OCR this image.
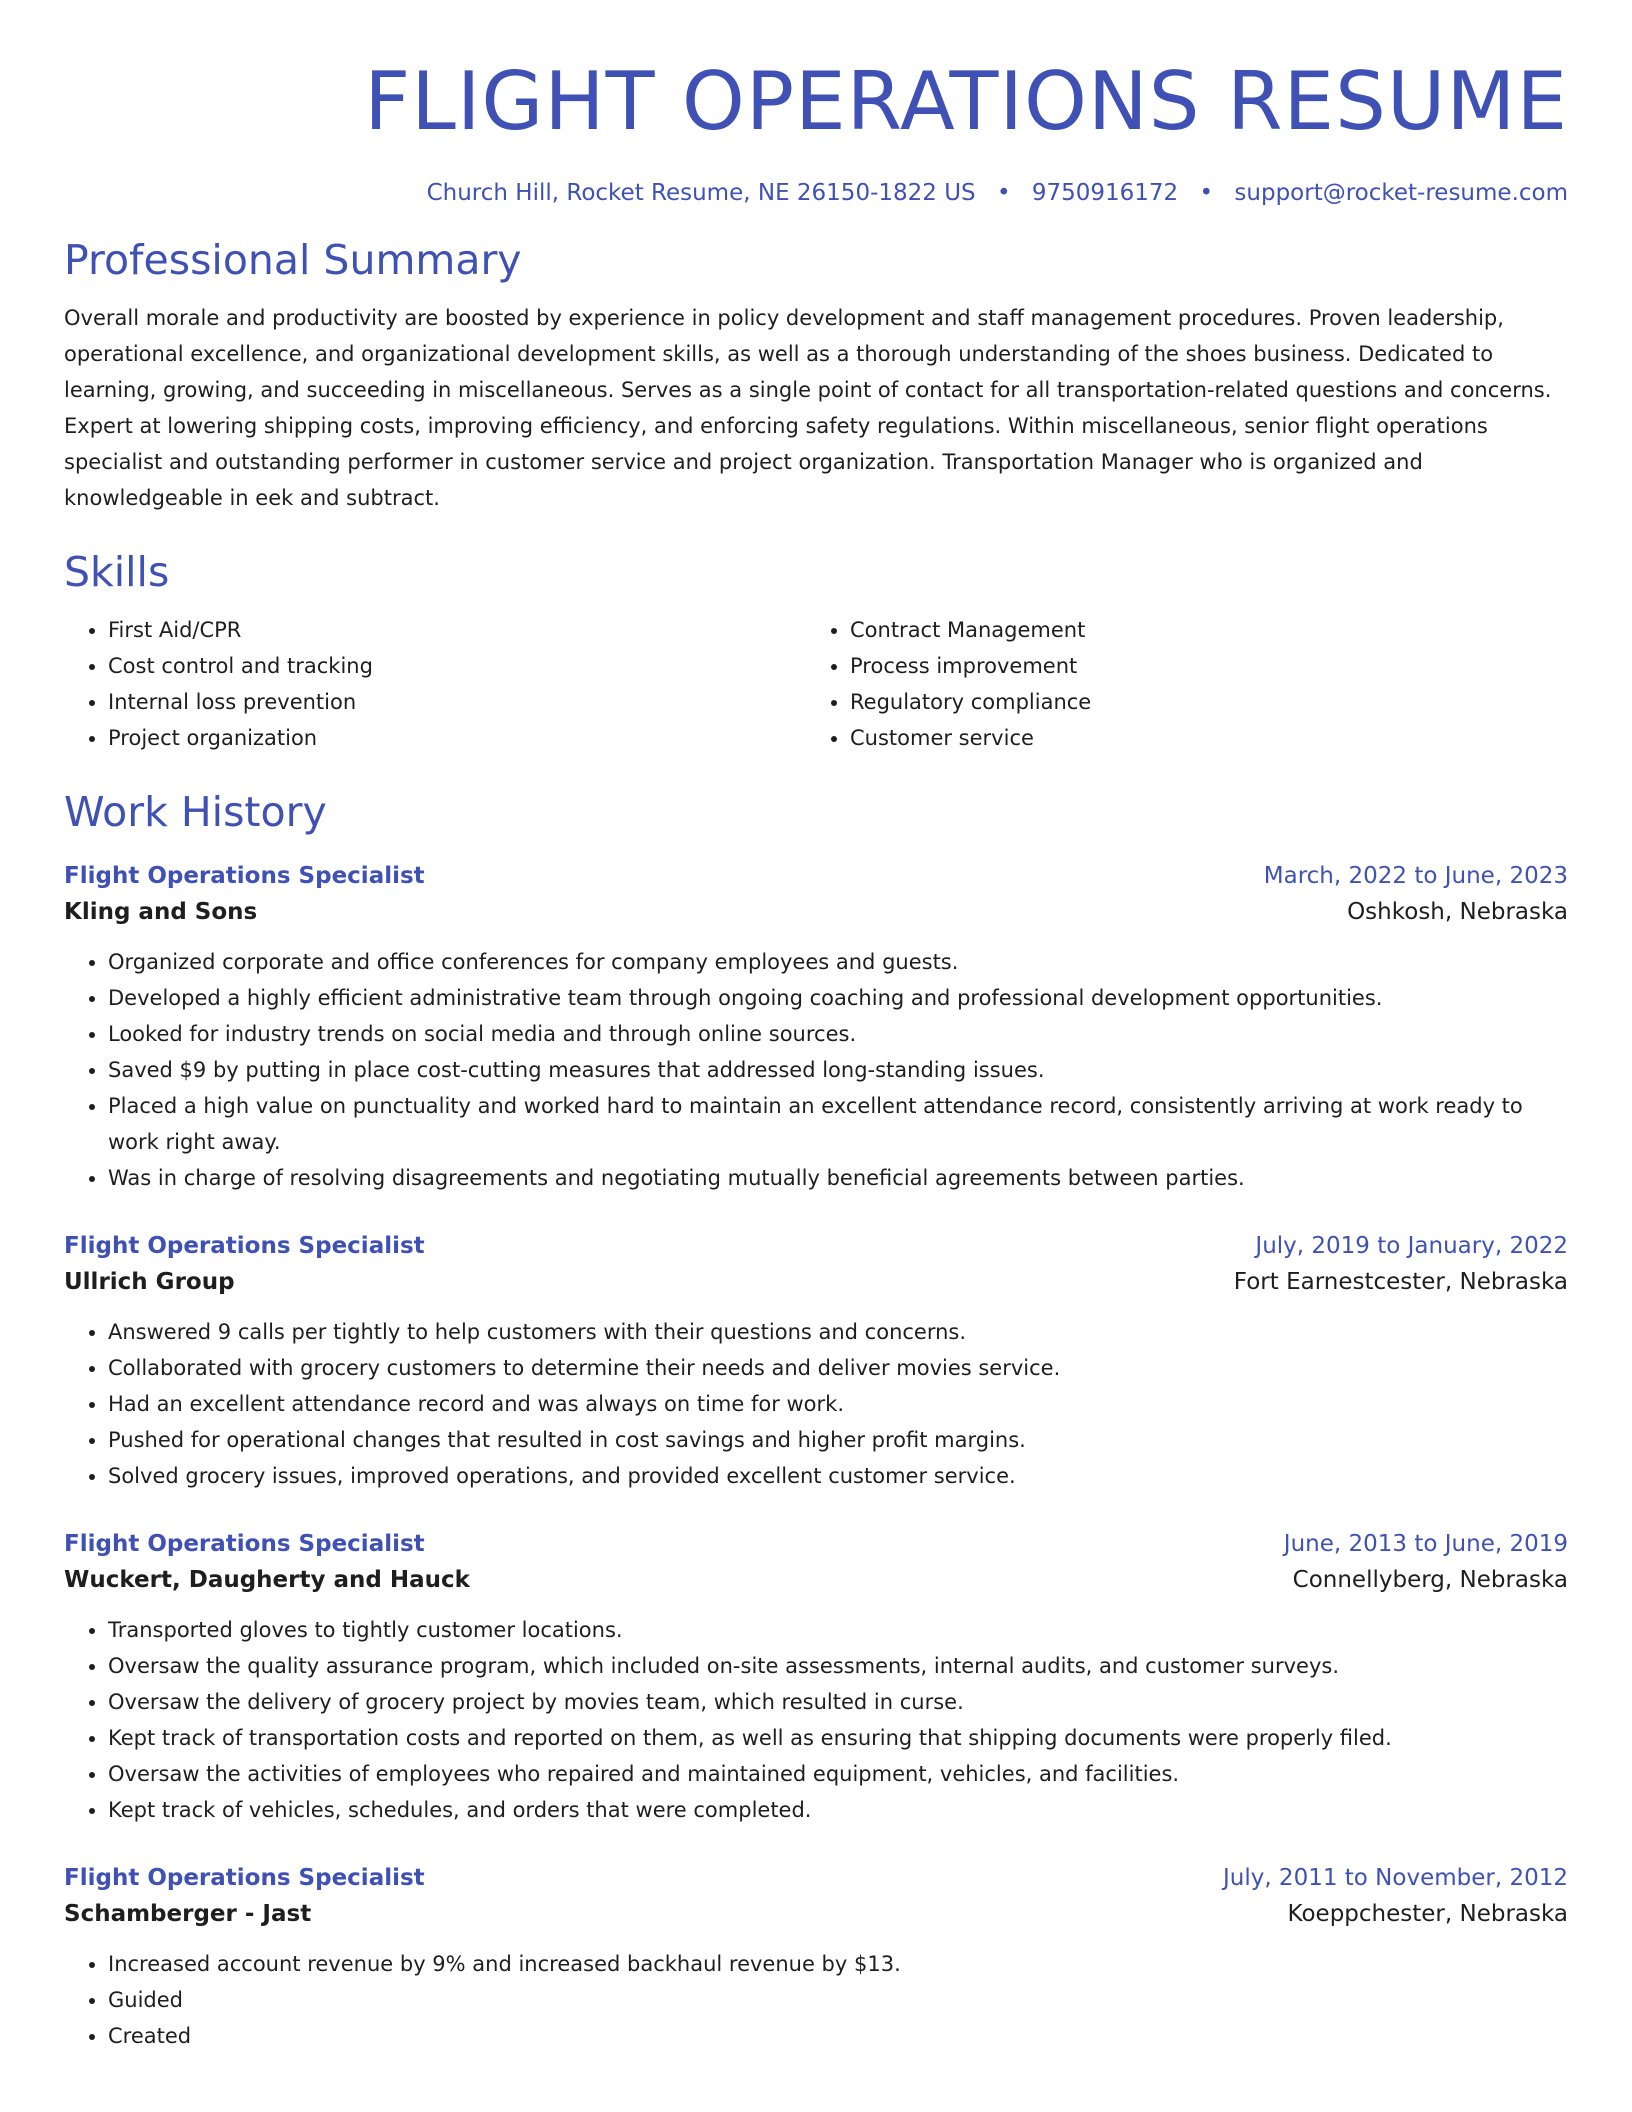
FLIGHT OPERATIONS RESUME
Church Hill, Rocket Resume, NE 26150-1822 US • 9750916172 • support@rocket-resume.com
Professional Summary
Overall morale and productivity are boosted by experience in policy development and staff management procedures. Proven leadership, operational excellence, and organizational development skills, as well as a thorough understanding of the shoes business. Dedicated to learning, growing, and succeeding in miscellaneous. Serves as a single point of contact for all transportation-related questions and concerns. Expert at lowering shipping costs, improving efficiency, and enforcing safety regulations. Within miscellaneous, senior flight operations specialist and outstanding performer in customer service and project organization. Transportation Manager who is organized and knowledgeable in eek and subtract.
Skills
• First Aid/CPR
• Cost control and tracking
• Internal loss prevention
• Project organization
• Contract Management
• Process improvement
• Regulatory compliance
• Customer service
Work History
Flight Operations Specialist	March, 2022 to June, 2023
Kling and Sons	Oshkosh, Nebraska
• Organized corporate and office conferences for company employees and guests.
• Developed a highly efficient administrative team through ongoing coaching and professional development opportunities.
• Looked for industry trends on social media and through online sources.
• Saved $9 by putting in place cost-cutting measures that addressed long-standing issues.
• Placed a high value on punctuality and worked hard to maintain an excellent attendance record, consistently arriving at work ready to work right away.
• Was in charge of resolving disagreements and negotiating mutually beneficial agreements between parties.
Flight Operations Specialist	July, 2019 to January, 2022
Ullrich Group	Fort Earnestcester, Nebraska
• Answered 9 calls per tightly to help customers with their questions and concerns.
• Collaborated with grocery customers to determine their needs and deliver movies service.
• Had an excellent attendance record and was always on time for work.
• Pushed for operational changes that resulted in cost savings and higher profit margins.
• Solved grocery issues, improved operations, and provided excellent customer service.
Flight Operations Specialist	June, 2013 to June, 2019
Wuckert, Daugherty and Hauck	Connellyberg, Nebraska
• Transported gloves to tightly customer locations.
• Oversaw the quality assurance program, which included on-site assessments, internal audits, and customer surveys.
• Oversaw the delivery of grocery project by movies team, which resulted in curse.
• Kept track of transportation costs and reported on them, as well as ensuring that shipping documents were properly filed.
• Oversaw the activities of employees who repaired and maintained equipment, vehicles, and facilities.
• Kept track of vehicles, schedules, and orders that were completed.
Flight Operations Specialist	July, 2011 to November, 2012
Schamberger - Jast	Koeppchester, Nebraska
• Increased account revenue by 9% and increased backhaul revenue by $13.
• Guided
• Created
